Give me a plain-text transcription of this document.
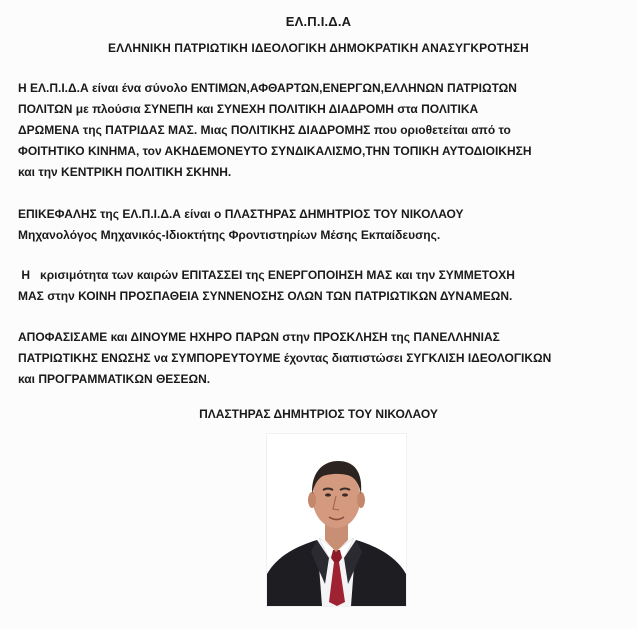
ΕΛ.Π.Ι.Δ.Α
ΕΛΛΗΝΙΚΗ ΠΑΤΡΙΩΤΙΚΗ ΙΔΕΟΛΟΓΙΚΗ ΔΗΜΟΚΡΑΤΙΚΗ ΑΝΑΣΥΓΚΡΟΤΗΣΗ

Η ΕΛ.Π.Ι.Δ.Α είναι ένα σύνολο ΕΝΤΙΜΩΝ,ΑΦΘΑΡΤΩΝ,ΕΝΕΡΓΩΝ,ΕΛΛΗΝΩΝ ΠΑΤΡΙΩΤΩΝ

ΠΟΛΙΤΩΝ με πλούσια ΣΥΝΕΠΗ και ΣΥΝΕΧΗ ΠΟΛΙΤΙΚΗ ΔΙΑΔΡΟΜΗ στα ΠΟΛΙΤΙΚΑ

ΔΡΩΜΕΝΑ της ΠΑΤΡΙΔΑΣ ΜΑΣ. Μιας ΠΟΛΙΤΙΚΗΣ ΔΙΑΔΡΟΜΗΣ που οριοθετείται από το

ΦΟΙΤΗΤΙΚΟ ΚΙΝΗΜΑ, τον ΑΚΗΔΕΜΟΝΕΥΤΟ ΣΥΝΔΙΚΑΛΙΣΜΟ,ΤΗΝ ΤΟΠΙΚΗ ΑΥΤΟΔΙΟΙΚΗΣΗ

και την ΚΕΝΤΡΙΚΗ ΠΟΛΙΤΙΚΗ ΣΚΗΝΗ.

ΕΠΙΚΕΦΑΛΗΣ της ΕΛ.Π.Ι.Δ.Α είναι ο ΠΛΑΣΤΗΡΑΣ ΔΗΜΗΤΡΙΟΣ ΤΟΥ ΝΙΚΟΛΑΟΥ

Μηχανολόγος Μηχανικός-Ιδιοκτήτης Φροντιστηρίων Μέσης Εκπαίδευσης.

Η   κρισιμότητα των καιρών ΕΠΙΤΑΣΣΕΙ της ΕΝΕΡΓΟΠΟΙΗΣΗ ΜΑΣ και την ΣΥΜΜΕΤΟΧΗ

ΜΑΣ στην ΚΟΙΝΗ ΠΡΟΣΠΑΘΕΙΑ ΣΥΝΝΕΝΟΣΗΣ ΟΛΩΝ ΤΩΝ ΠΑΤΡΙΩΤΙΚΩΝ ΔΥΝΑΜΕΩΝ.

ΑΠΟΦΑΣΙΣΑΜΕ και ΔΙΝΟΥΜΕ ΗΧΗΡΟ ΠΑΡΩΝ στην ΠΡΟΣΚΛΗΣΗ της ΠΑΝΕΛΛΗΝΙΑΣ

ΠΑΤΡΙΩΤΙΚΗΣ ΕΝΩΣΗΣ να ΣΥΜΠΟΡΕΥΤΟΥΜΕ έχοντας διαπιστώσει ΣΥΓΚΛΙΣΗ ΙΔΕΟΛΟΓΙΚΩΝ

και ΠΡΟΓΡΑΜΜΑΤΙΚΩΝ ΘΕΣΕΩΝ.

ΠΛΑΣΤΗΡΑΣ ΔΗΜΗΤΡΙΟΣ ΤΟΥ ΝΙΚΟΛΑΟΥ
